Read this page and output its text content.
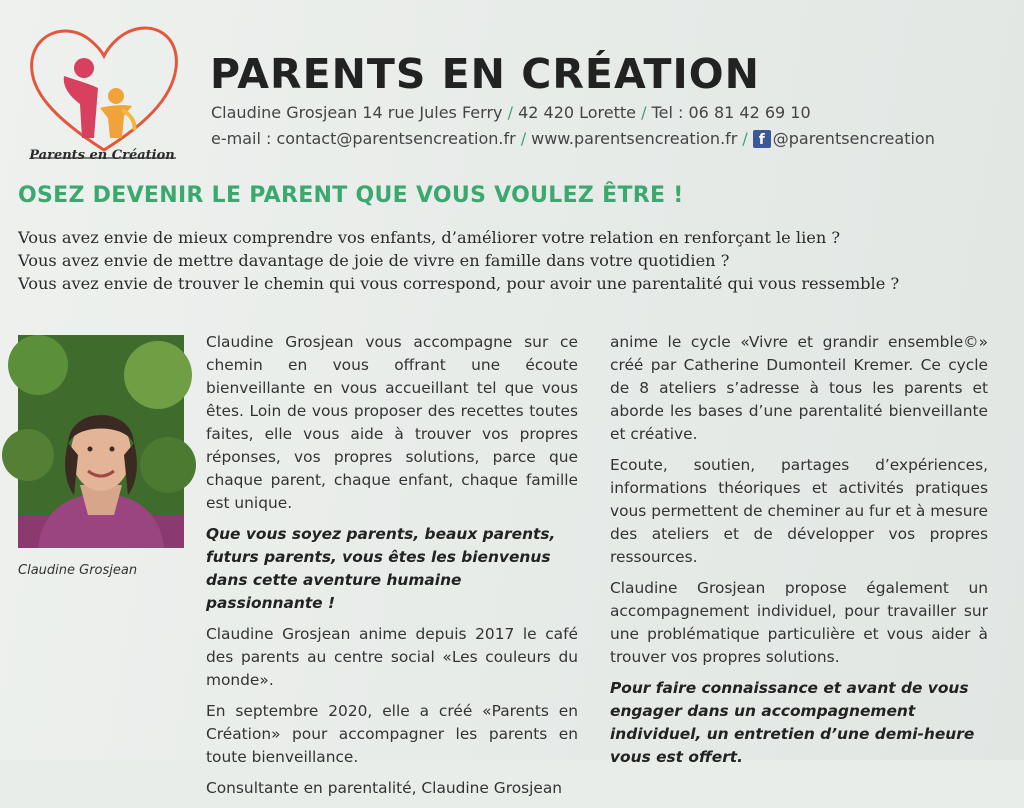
Parents en Création
PARENTS EN CRÉATION
Claudine Grosjean 14 rue Jules Ferry / 42 420 Lorette / Tel : 06 81 42 69 10
e-mail : contact@parentsencreation.fr / www.parentsencreation.fr / f @parentsencreation
OSEZ DEVENIR LE PARENT QUE VOUS VOULEZ ÊTRE !

Vous avez envie de mieux comprendre vos enfants, d’améliorer votre relation en renforçant le lien ?

Vous avez envie de mettre davantage de joie de vivre en famille dans votre quotidien ?

Vous avez envie de trouver le chemin qui vous correspond, pour avoir une parentalité qui vous ressemble ?

Claudine Grosjean

Claudine Grosjean vous accompagne sur ce chemin en vous offrant une écoute bienveillante en vous accueillant tel que vous êtes. Loin de vous proposer des recettes toutes faites, elle vous aide à trouver vos propres réponses, vos propres solutions, parce que chaque parent, chaque enfant, chaque famille est unique.

Que vous soyez parents, beaux parents, futurs parents, vous êtes les bienvenus dans cette aventure humaine passionnante !

Claudine Grosjean anime depuis 2017 le café des parents au centre social «Les couleurs du monde».

En septembre 2020, elle a créé «Parents en Création» pour accompagner les parents en toute bienveillance.

Consultante en parentalité, Claudine Grosjean

anime le cycle «Vivre et grandir ensemble©» créé par Catherine Dumonteil Kremer. Ce cycle de 8 ateliers s’adresse à tous les parents et aborde les bases d’une parentalité bienveillante et créative.

Ecoute, soutien, partages d’expériences, informations théoriques et activités pratiques vous permettent de cheminer au fur et à mesure des ateliers et de développer vos propres ressources.

Claudine Grosjean propose également un accompagnement individuel, pour travailler sur une problématique particulière et vous aider à trouver vos propres solutions.

Pour faire connaissance et avant de vous engager dans un accompagnement individuel, un entretien d’une demi-heure vous est offert.
